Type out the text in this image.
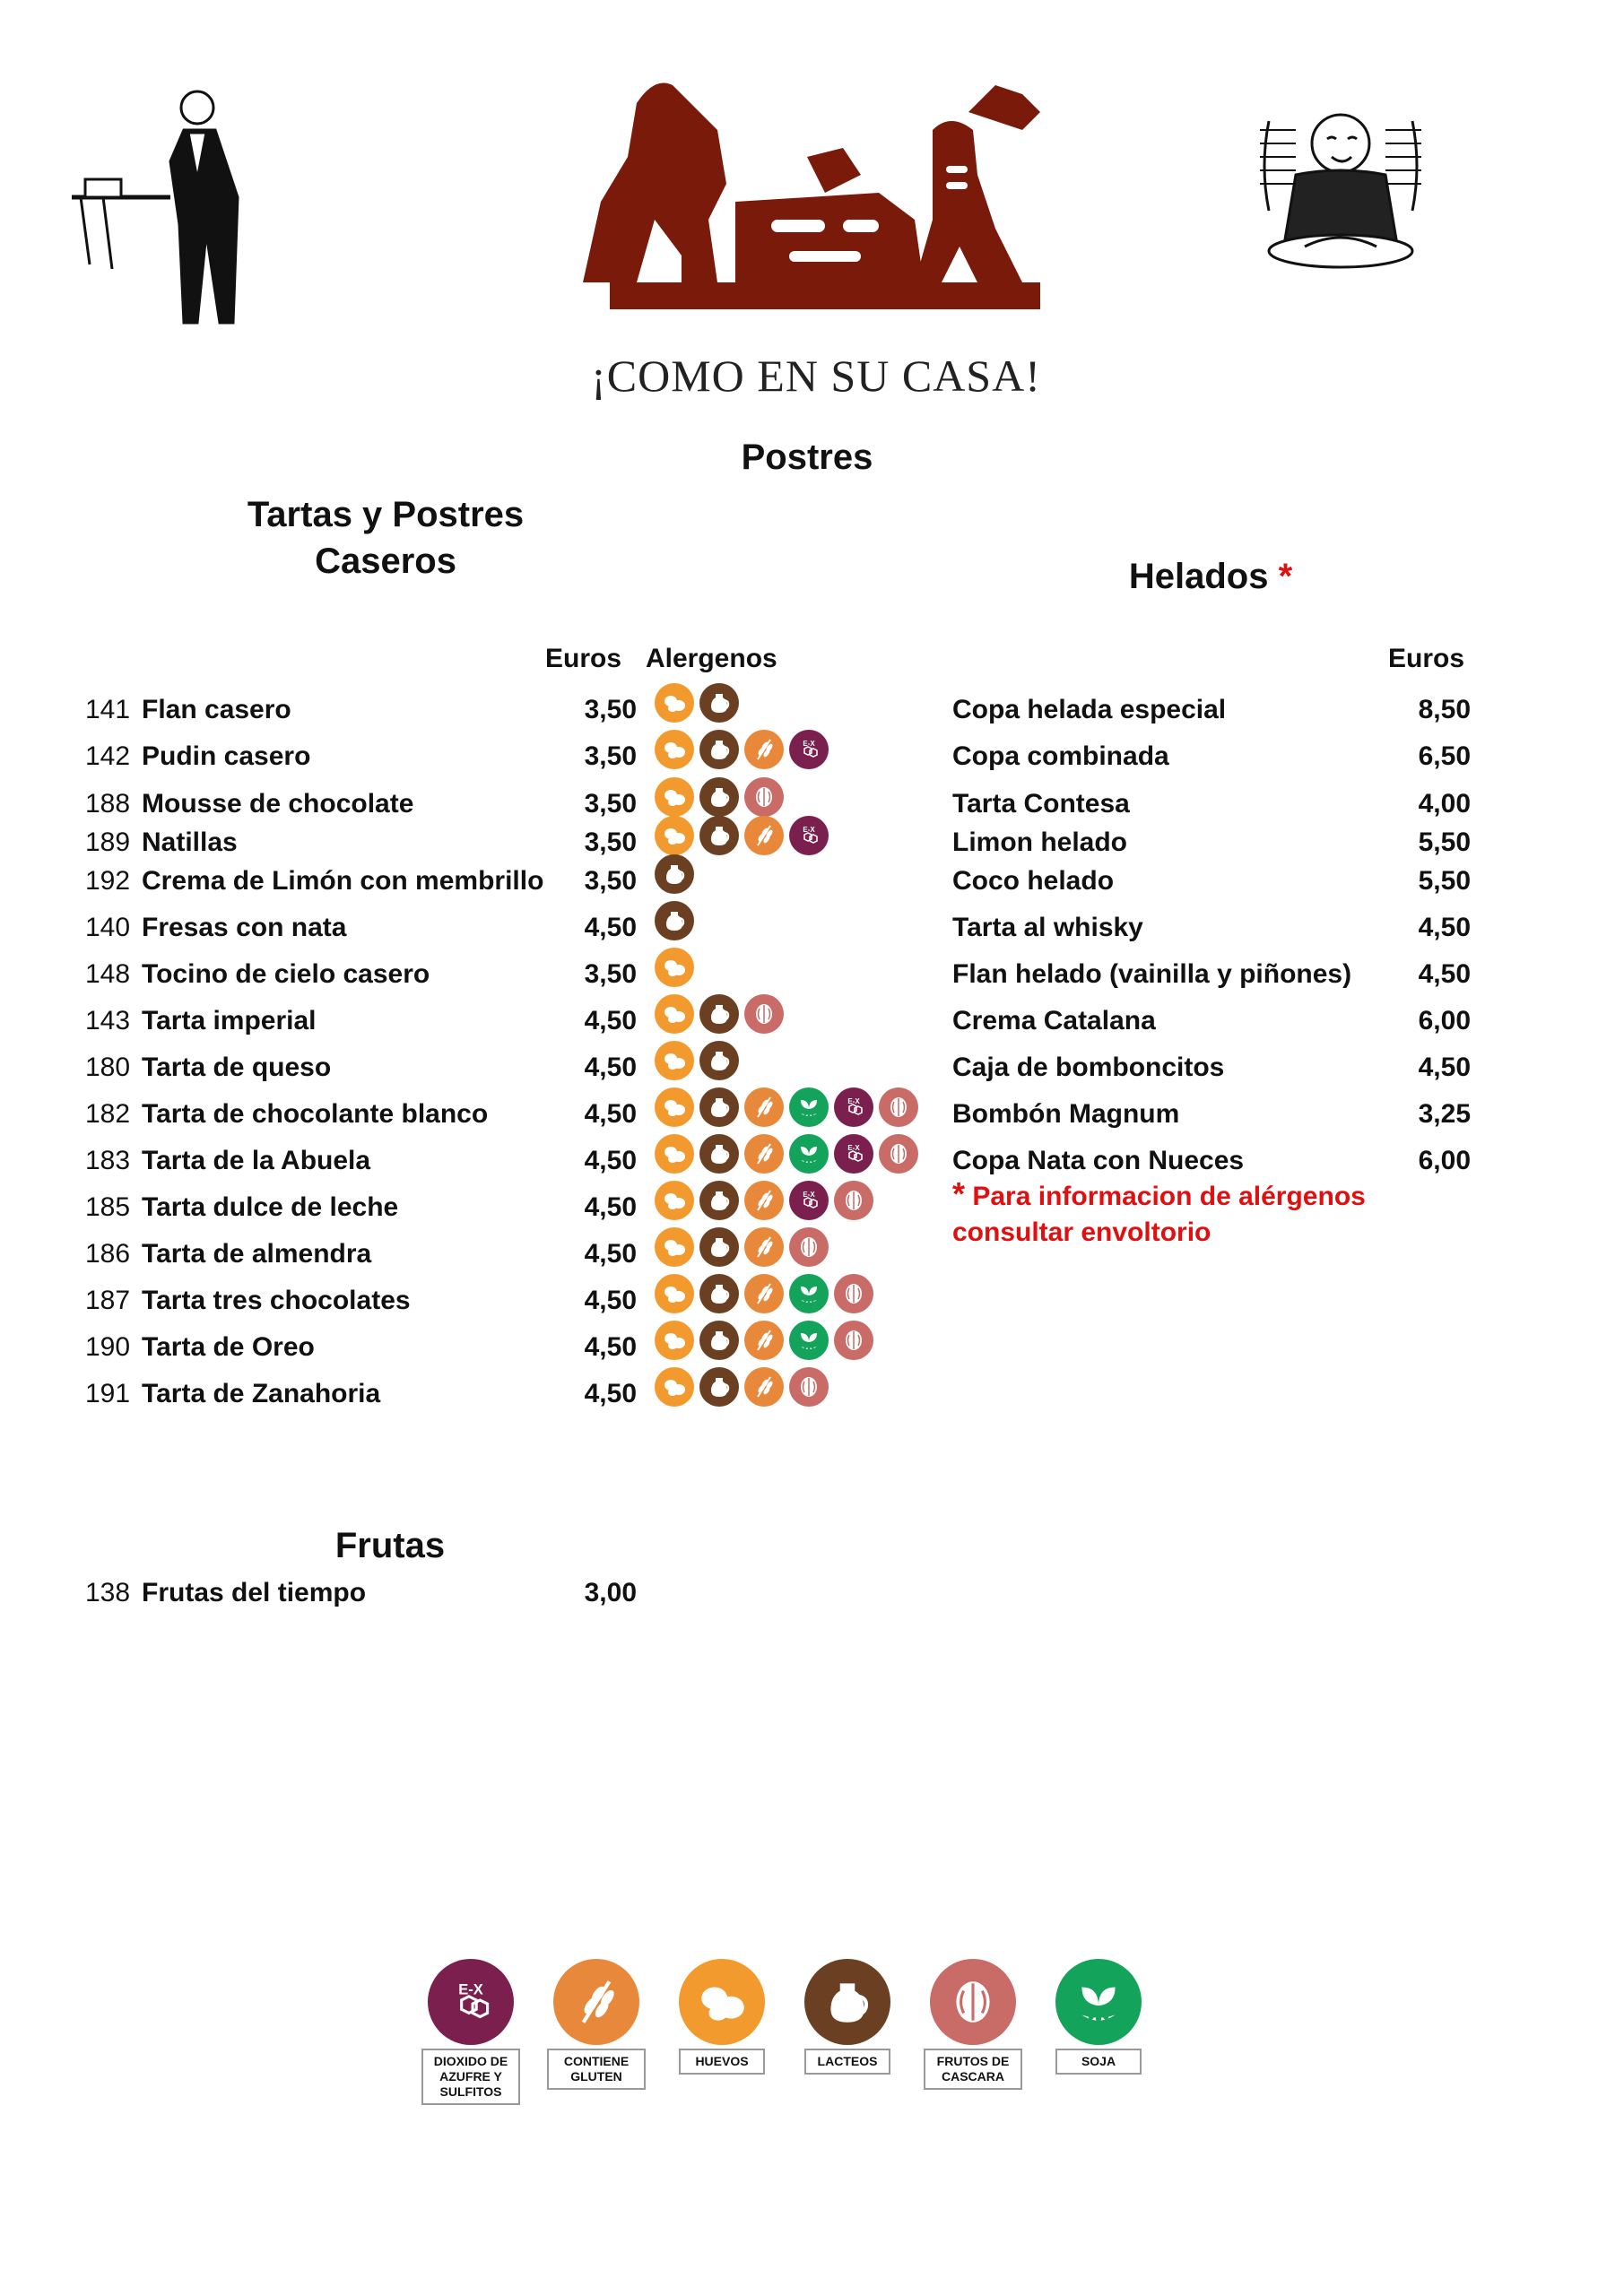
¡COMO EN SU CASA!
Postres
Tartas y Postres
Caseros
Euros Alergenos
141 Flan casero	3,50
142 Pudin casero	3,50	E-X
188 Mousse de chocolate	3,50
189 Natillas	3,50	E-X
192 Crema de Limón con membrillo	3,50
140 Fresas con nata	4,50
148 Tocino de cielo casero	3,50
143 Tarta imperial	4,50
180 Tarta de queso	4,50
182 Tarta de chocolante blanco	4,50	E-X
183 Tarta de la Abuela	4,50	E-X
185 Tarta dulce de leche	4,50	E-X
186 Tarta de almendra	4,50
187 Tarta tres chocolates	4,50
190 Tarta de Oreo	4,50
191 Tarta de Zanahoria	4,50
Frutas
138 Frutas del tiempo	3,00
Helados *
Euros
Copa helada especial	8,50
Copa combinada	6,50
Tarta Contesa	4,00
Limon helado	5,50
Coco helado	5,50
Tarta al whisky	4,50
Flan helado (vainilla y piñones)	4,50
Crema Catalana	6,00
Caja de bomboncitos	4,50
Bombón Magnum	3,25
Copa Nata con Nueces	6,00
* Para informacion de alérgenos
consultar envoltorio
E-X
DIOXIDO DE AZUFRE Y SULFITOS
CONTIENE GLUTEN
HUEVOS	LACTEOS	FRUTOS DE CASCARA
SOJA
